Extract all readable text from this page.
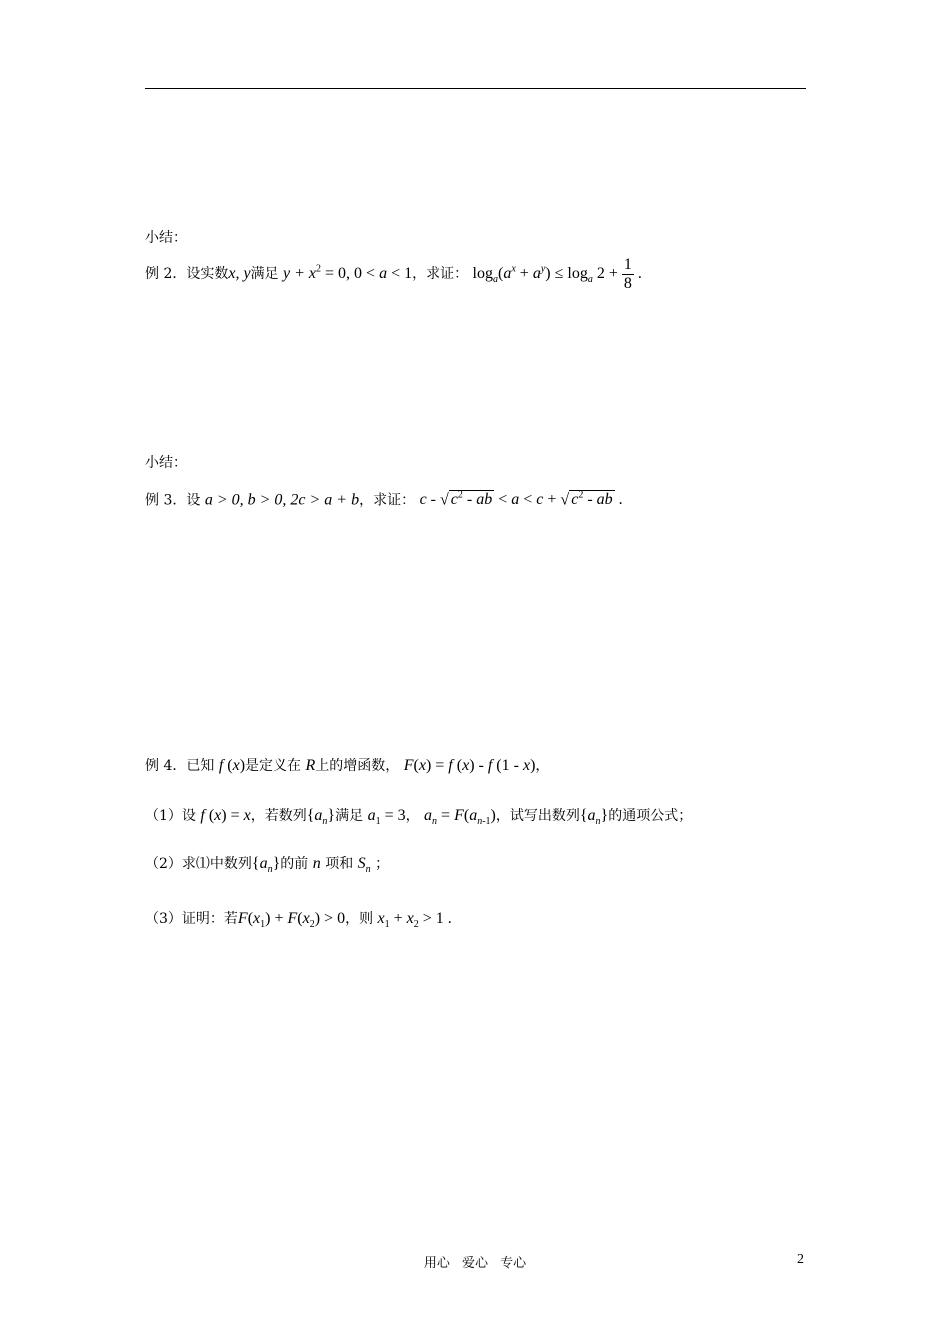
小结：
例 2．设实数x, y满足 $y + x^2 = 0$, 0 < a < 1，求证： $\log_a(a^x + a^y) \le \log_a 2 + \frac{1}{8}$ .
小结：
例 3．设 a > 0, b > 0, 2c > a + b，求证： c - √ $c^2$ - ab < a < c + √ $c^2$ - ab .
例 4．已知 f (x)是定义在 R上的增函数， F(x) = f (x) - f (1 - x)，
（1）设 f (x) = x，若数列$\{a_n\}$满足 $a_1 = 3$， $a_n = F(a_{n-1})$，试写出数列$\{a_n\}$的通项公式；
（2）求⑴中数列$\{a_n\}$的前 n 项和 $S_n$ ；
（3）证明：若$F(x_1) + F(x_2) > 0$，则 $x_1 + x_2 > 1$ .
用心 爱心 专心	2
